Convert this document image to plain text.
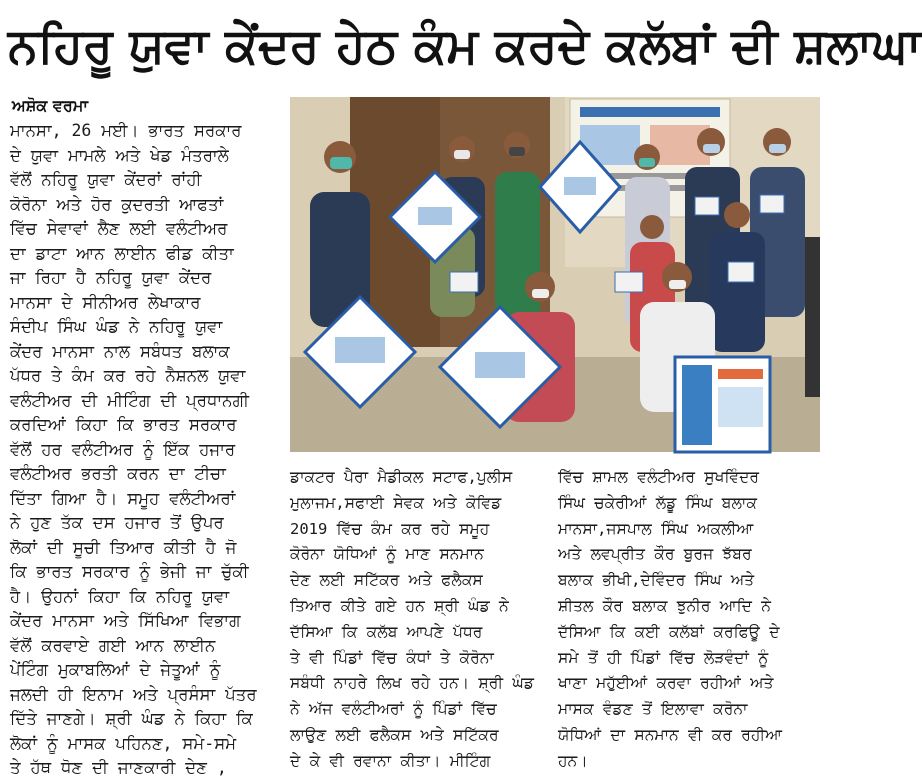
ਨਹਿਰੂ ਯੁਵਾ ਕੇਂਦਰ ਹੇਠ ਕੰਮ ਕਰਦੇ ਕਲੱਬਾਂ ਦੀ ਸ਼ਲਾਘਾ
ਅਸ਼ੋਕ ਵਰਮਾ
ਮਾਨਸਾ, 26 ਮਈ। ਭਾਰਤ ਸਰਕਾਰ
ਦੇ ਯੁਵਾ ਮਾਮਲੇ ਅਤੇ ਖੇਡ ਮੰਤਰਾਲੇ
ਵੱਲੋਂ ਨਹਿਰੂ ਯੁਵਾ ਕੇਂਦਰਾਂ ਰਾਂਹੀ
ਕੋਰੋਨਾ ਅਤੇ ਹੋਰ ਕੁਦਰਤੀ ਆਫਤਾਂ
ਵਿੱਚ ਸੇਵਾਵਾਂ ਲੈਣ ਲਈ ਵਲੰਟੀਅਰ
ਦਾ ਡਾਟਾ ਆਨ ਲਾਈਨ ਫੀਡ ਕੀਤਾ
ਜਾ ਰਿਹਾ ਹੈ ਨਹਿਰੂ ਯੁਵਾ ਕੇਂਦਰ
ਮਾਨਸਾ ਦੇ ਸੀਨੀਅਰ ਲੇਖਾਕਾਰ
ਸੰਦੀਪ ਸਿੰਘ ਘੰਡ ਨੇ ਨਹਿਰੂ ਯੁਵਾ
ਕੇਂਦਰ ਮਾਨਸਾ ਨਾਲ ਸਬੰਧਤ ਬਲਾਕ
ਪੱਧਰ ਤੇ ਕੰਮ ਕਰ ਰਹੇ ਨੈਸ਼ਨਲ ਯੁਵਾ
ਵਲੰਟੀਅਰ ਦੀ ਮੀਟਿੰਗ ਦੀ ਪ੍ਰਧਾਨਗੀ
ਕਰਦਿਆਂ ਕਿਹਾ ਕਿ ਭਾਰਤ ਸਰਕਾਰ
ਵੱਲੋਂ ਹਰ ਵਲੰਟੀਅਰ ਨੂੰ ਇੱਕ ਹਜਾਰ
ਵਲੰਟੀਅਰ ਭਰਤੀ ਕਰਨ ਦਾ ਟੀਚਾ
ਦਿੱਤਾ ਗਿਆ ਹੈ। ਸਮੂਹ ਵਲੰਟੀਅਰਾਂ
ਨੇ ਹੁਣ ਤੱਕ ਦਸ ਹਜਾਰ ਤੋਂ ਉਪਰ
ਲੋਕਾਂ ਦੀ ਸੂਚੀ ਤਿਆਰ ਕੀਤੀ ਹੈ ਜੋ
ਕਿ ਭਾਰਤ ਸਰਕਾਰ ਨੂੰ ਭੇਜੀ ਜਾ ਚੁੱਕੀ
ਹੈ। ਉਹਨਾਂ ਕਿਹਾ ਕਿ ਨਹਿਰੂ ਯੁਵਾ
ਕੇਂਦਰ ਮਾਨਸਾ ਅਤੇ ਸਿੱਖਿਆ ਵਿਭਾਗ
ਵੱਲੋਂ ਕਰਵਾਏ ਗਈ ਆਨ ਲਾਈਨ
ਪੇਂਟਿੰਗ ਮੁਕਾਬਲਿਆਂ ਦੇ ਜੇਤੂਆਂ ਨੂੰ
ਜਲਦੀ ਹੀ ਇਨਾਮ ਅਤੇ ਪ੍ਰਸੰਸਾ ਪੱਤਰ
ਦਿੱਤੇ ਜਾਣਗੇ। ਸ਼੍ਰੀ ਘੰਡ ਨੇ ਕਿਹਾ ਕਿ
ਲੋਕਾਂ ਨੂੰ ਮਾਸਕ ਪਹਿਨਣ, ਸਮੇ-ਸਮੇ
ਤੇ ਹੱਥ ਧੋਣ ਦੀ ਜਾਣਕਾਰੀ ਦੇਣ ,
ਡਾਕਟਰ ਪੈਰਾ ਮੈਡੀਕਲ ਸਟਾਫ,ਪੁਲੀਸ
ਮੁਲਾਜਮ,ਸਫਾਈ ਸੇਵਕ ਅਤੇ ਕੋਵਿਡ
2019 ਵਿੱਚ ਕੰਮ ਕਰ ਰਹੇ ਸਮੂਹ
ਕੋਰੋਨਾ ਯੋਧਿਆਂ ਨੂੰ ਮਾਣ ਸਨਮਾਨ
ਦੇਣ ਲਈ ਸਟਿੱਕਰ ਅਤੇ ਫਲੈਕਸ
ਤਿਆਰ ਕੀਤੇ ਗਏ ਹਨ ਸ਼੍ਰੀ ਘੰਡ ਨੇ
ਦੱਸਿਆ ਕਿ ਕਲੱਬ ਆਪਣੇ ਪੱਧਰ
ਤੇ ਵੀ ਪਿੰਡਾਂ ਵਿੱਚ ਕੰਧਾਂ ਤੇ ਕੋਰੋਨਾ
ਸਬੰਧੀ ਨਾਹਰੇ ਲਿਖ ਰਹੇ ਹਨ। ਸ਼੍ਰੀ ਘੰਡ
ਨੇ ਅੱਜ ਵਲੰਟੀਅਰਾਂ ਨੂੰ ਪਿੰਡਾਂ ਵਿੱਚ
ਲਾਉਣ ਲਈ ਫਲੈਕਸ ਅਤੇ ਸਟਿੱਕਰ
ਦੇ ਕੇ ਵੀ ਰਵਾਨਾ ਕੀਤਾ। ਮੀਟਿੰਗ
ਵਿੱਚ ਸ਼ਾਮਲ ਵਲੰਟੀਅਰ ਸੁਖਵਿੰਦਰ
ਸਿੰਘ ਚਕੇਰੀਆਂ ਲੱਡੂ ਸਿੰਘ ਬਲਾਕ
ਮਾਨਸਾ,ਜਸਪਾਲ ਸਿੰਘ ਅਕਲੀਆ
ਅਤੇ ਲਵਪ੍ਰੀਤ ਕੌਰ ਬੁਰਜ ਝੱਬਰ
ਬਲਾਕ ਭੀਖੀ,ਦੇਵਿੰਦਰ ਸਿੰਘ ਅਤੇ
ਸ਼ੀਤਲ ਕੌਰ ਬਲਾਕ ਝੁਨੀਰ ਆਦਿ ਨੇ
ਦੱਸਿਆ ਕਿ ਕਈ ਕਲੱਬਾਂ ਕਰਫਿਊ ਦੇ
ਸਮੇ ਤੋਂ ਹੀ ਪਿੰਡਾਂ ਵਿੱਚ ਲੋੜਵੰਦਾਂ ਨੂੰ
ਖਾਣਾ ਮਹੁੱਈਆਂ ਕਰਵਾ ਰਹੀਆਂ ਅਤੇ
ਮਾਸਕ ਵੰਡਣ ਤੋਂ ਇਲਾਵਾ ਕਰੋਨਾ
ਯੋਧਿਆਂ ਦਾ ਸਨਮਾਨ ਵੀ ਕਰ ਰਹੀਆ
ਹਨ।
